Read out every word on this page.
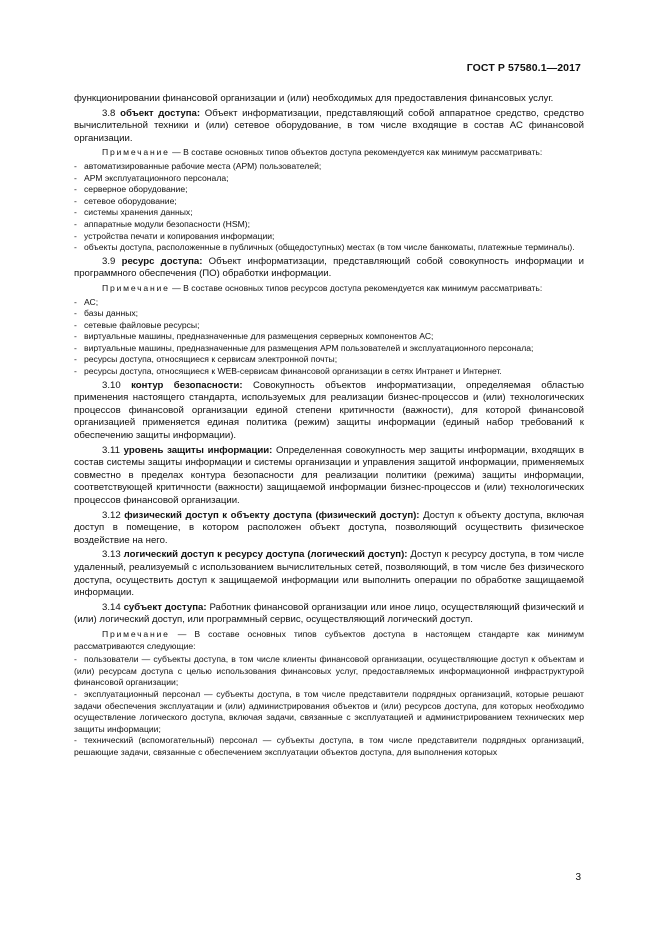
ГОСТ Р 57580.1—2017

функционировании финансовой организации и (или) необходимых для предоставления финансовых услуг.

3.8 объект доступа: Объект информатизации, представляющий собой аппаратное средство, средство вычислительной техники и (или) сетевое оборудование, в том числе входящие в состав АС финансовой организации.

Примечание — В составе основных типов объектов доступа рекомендуется как минимум рассматривать:

- автоматизированные рабочие места (АРМ) пользователей;
- АРМ эксплуатационного персонала;
- серверное оборудование;
- сетевое оборудование;
- системы хранения данных;
- аппаратные модули безопасности (HSM);
- устройства печати и копирования информации;
- объекты доступа, расположенные в публичных (общедоступных) местах (в том числе банкоматы, платежные терминалы).

3.9 ресурс доступа: Объект информатизации, представляющий собой совокупность информации и программного обеспечения (ПО) обработки информации.

Примечание — В составе основных типов ресурсов доступа рекомендуется как минимум рассматривать:

- АС;
- базы данных;
- сетевые файловые ресурсы;
- виртуальные машины, предназначенные для размещения серверных компонентов АС;
- виртуальные машины, предназначенные для размещения АРМ пользователей и эксплуатационного персонала;
- ресурсы доступа, относящиеся к сервисам электронной почты;
- ресурсы доступа, относящиеся к WEB-сервисам финансовой организации в сетях Интранет и Интернет.

3.10 контур безопасности: Совокупность объектов информатизации, определяемая областью применения настоящего стандарта, используемых для реализации бизнес-процессов и (или) технологических процессов финансовой организации единой степени критичности (важности), для которой финансовой организацией применяется единая политика (режим) защиты информации (единый набор требований к обеспечению защиты информации).

3.11 уровень защиты информации: Определенная совокупность мер защиты информации, входящих в состав системы защиты информации и системы организации и управления защитой информации, применяемых совместно в пределах контура безопасности для реализации политики (режима) защиты информации, соответствующей критичности (важности) защищаемой информации бизнес-процессов и (или) технологических процессов финансовой организации.

3.12 физический доступ к объекту доступа (физический доступ): Доступ к объекту доступа, включая доступ в помещение, в котором расположен объект доступа, позволяющий осуществить физическое воздействие на него.

3.13 логический доступ к ресурсу доступа (логический доступ): Доступ к ресурсу доступа, в том числе удаленный, реализуемый с использованием вычислительных сетей, позволяющий, в том числе без физического доступа, осуществить доступ к защищаемой информации или выполнить операции по обработке защищаемой информации.

3.14 субъект доступа: Работник финансовой организации или иное лицо, осуществляющий физический и (или) логический доступ, или программный сервис, осуществляющий логический доступ.

Примечание — В составе основных типов субъектов доступа в настоящем стандарте как минимум рассматриваются следующие:

- пользователи — субъекты доступа, в том числе клиенты финансовой организации, осуществляющие доступ к объектам и (или) ресурсам доступа с целью использования финансовых услуг, предоставляемых информационной инфраструктурой финансовой организации;
- эксплуатационный персонал — субъекты доступа, в том числе представители подрядных организаций, которые решают задачи обеспечения эксплуатации и (или) администрирования объектов и (или) ресурсов доступа, для которых необходимо осуществление логического доступа, включая задачи, связанные с эксплуатацией и администрированием технических мер защиты информации;
- технический (вспомогательный) персонал — субъекты доступа, в том числе представители подрядных организаций, решающие задачи, связанные с обеспечением эксплуатации объектов доступа, для выполнения которых
3
